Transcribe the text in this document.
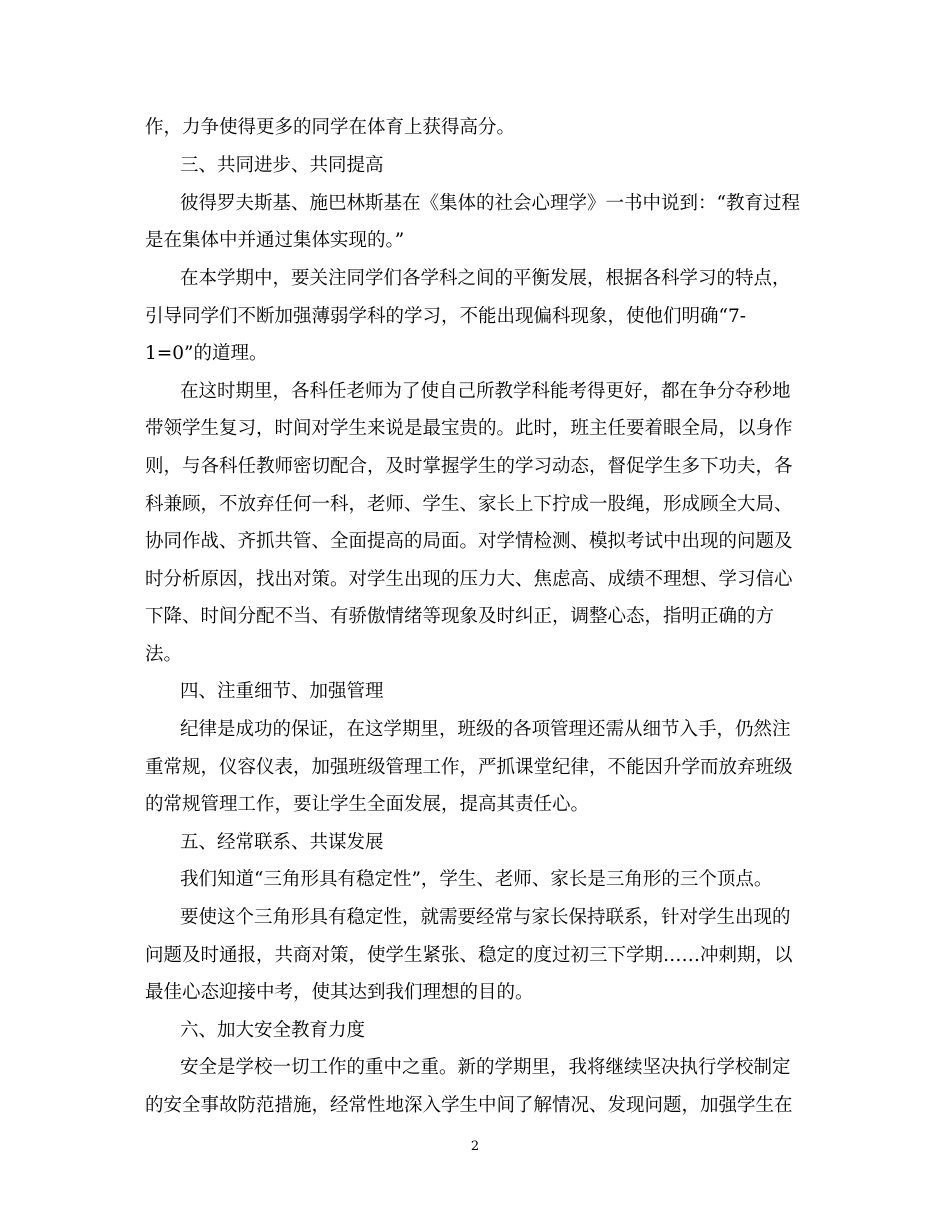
作，力争使得更多的同学在体育上获得高分。
三、共同进步、共同提高
彼得罗夫斯基、施巴林斯基在《集体的社会心理学》一书中说到：“教育过程
是在集体中并通过集体实现的。”
在本学期中，要关注同学们各学科之间的平衡发展，根据各科学习的特点，
引导同学们不断加强薄弱学科的学习，不能出现偏科现象，使他们明确“7-
1=0”的道理。
在这时期里，各科任老师为了使自己所教学科能考得更好，都在争分夺秒地
带领学生复习，时间对学生来说是最宝贵的。此时，班主任要着眼全局，以身作
则，与各科任教师密切配合，及时掌握学生的学习动态，督促学生多下功夫，各
科兼顾，不放弃任何一科，老师、学生、家长上下拧成一股绳，形成顾全大局、
协同作战、齐抓共管、全面提高的局面。对学情检测、模拟考试中出现的问题及
时分析原因，找出对策。对学生出现的压力大、焦虑高、成绩不理想、学习信心
下降、时间分配不当、有骄傲情绪等现象及时纠正，调整心态，指明正确的方
法。
四、注重细节、加强管理
纪律是成功的保证，在这学期里，班级的各项管理还需从细节入手，仍然注
重常规，仪容仪表，加强班级管理工作，严抓课堂纪律，不能因升学而放弃班级
的常规管理工作，要让学生全面发展，提高其责任心。
五、经常联系、共谋发展
我们知道“三角形具有稳定性”，学生、老师、家长是三角形的三个顶点。
要使这个三角形具有稳定性，就需要经常与家长保持联系，针对学生出现的
问题及时通报，共商对策，使学生紧张、稳定的度过初三下学期……冲刺期，以
最佳心态迎接中考，使其达到我们理想的目的。
六、加大安全教育力度
安全是学校一切工作的重中之重。新的学期里，我将继续坚决执行学校制定
的安全事故防范措施，经常性地深入学生中间了解情况、发现问题，加强学生在
2
